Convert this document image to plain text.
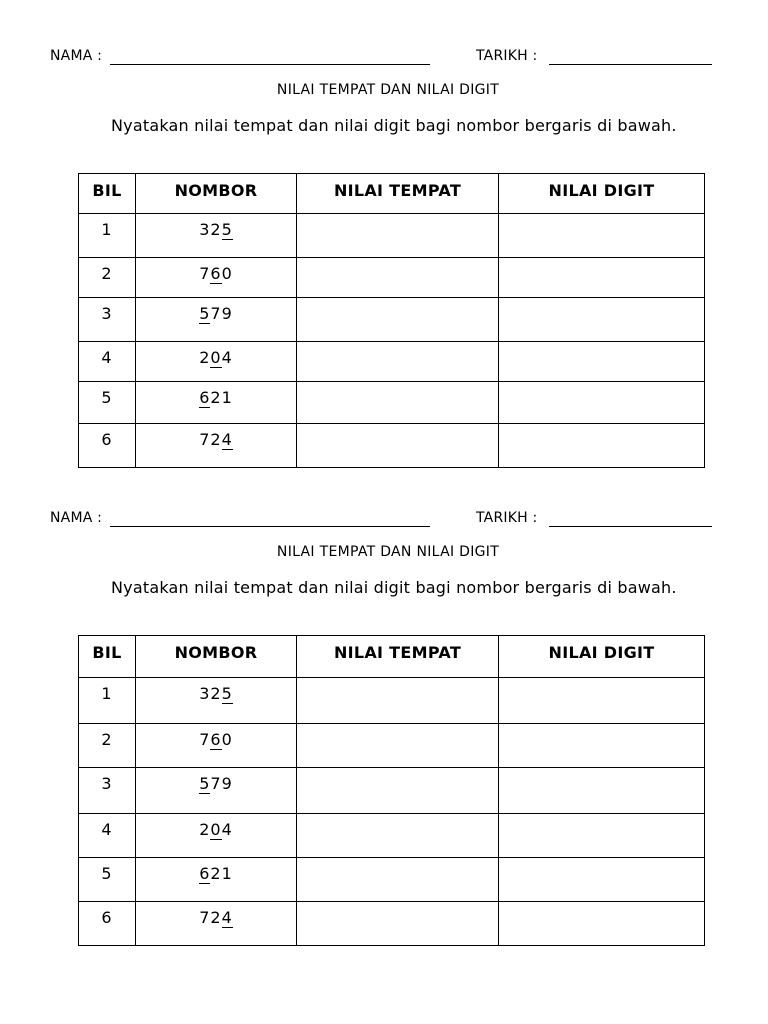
NAMA :	TARIKH :
NILAI TEMPAT DAN NILAI DIGIT
Nyatakan nilai tempat dan nilai digit bagi nombor bergaris di bawah.
BIL	NOMBOR	NILAI TEMPAT	NILAI DIGIT
1	325		
2	760		
3	579		
4	204		
5	621		
6	724		
NAMA :	TARIKH :
NILAI TEMPAT DAN NILAI DIGIT
Nyatakan nilai tempat dan nilai digit bagi nombor bergaris di bawah.
BIL	NOMBOR	NILAI TEMPAT	NILAI DIGIT
1	325		
2	760		
3	579		
4	204		
5	621		
6	724		
